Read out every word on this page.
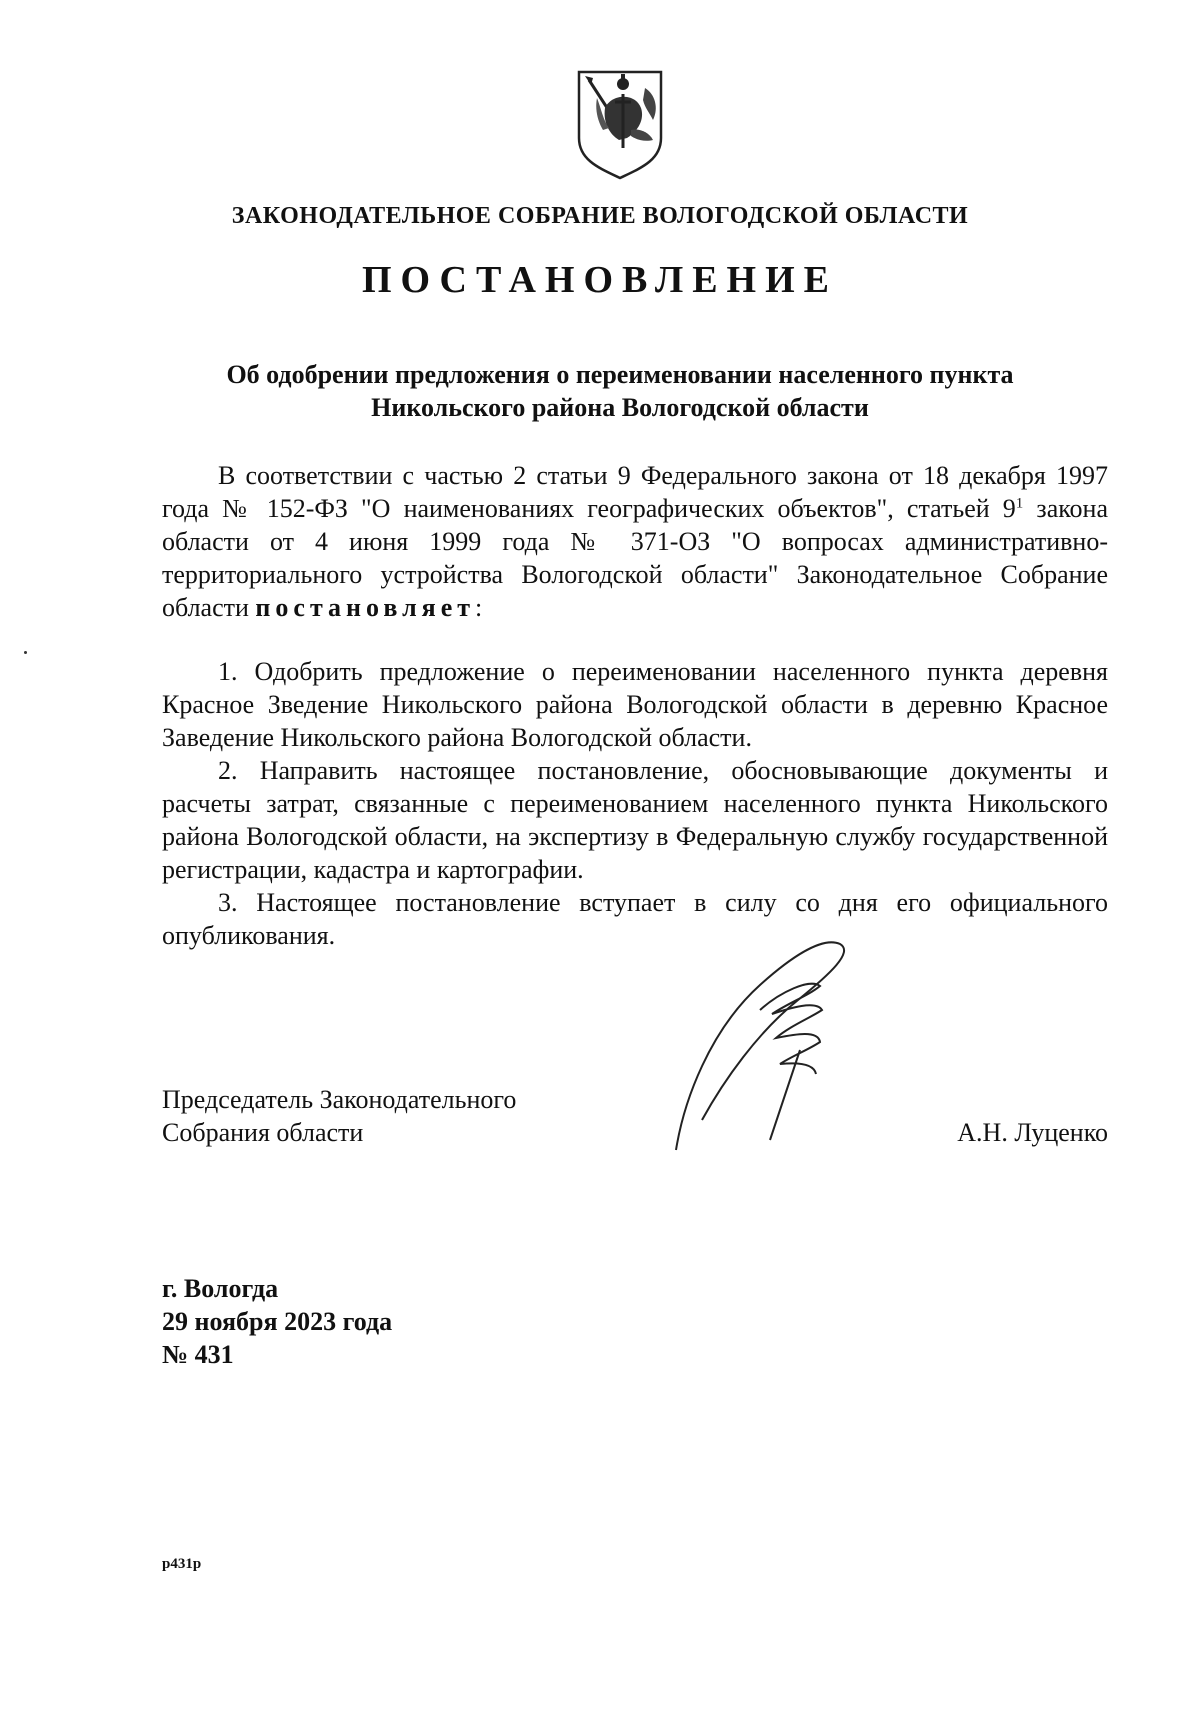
ЗАКОНОДАТЕЛЬНОЕ СОБРАНИЕ ВОЛОГОДСКОЙ ОБЛАСТИ
ПОСТАНОВЛЕНИЕ
Об одобрении предложения о переименовании населенного пункта
Никольского района Вологодской области

В соответствии с частью 2 статьи 9 Федерального закона от 18 декабря 1997 года № 152-ФЗ "О наименованиях географических объектов", статьей $9^1$ закона области от 4 июня 1999 года № 371-ОЗ "О вопросах административно-территориального устройства Вологодской области" Законодательное Собрание области постановляет:

1. Одобрить предложение о переименовании населенного пункта деревня Красное Зведение Никольского района Вологодской области в деревню Красное Заведение Никольского района Вологодской области.

2. Направить настоящее постановление, обосновывающие документы и расчеты затрат, связанные с переименованием населенного пункта Никольского района Вологодской области, на экспертизу в Федеральную службу государственной регистрации, кадастра и картографии.

3. Настоящее постановление вступает в силу со дня его официального опубликования.

Председатель Законодательного
Собрания области	А.Н. Луценко
г. Вологда
29 ноября 2023 года
№ 431
р431р
